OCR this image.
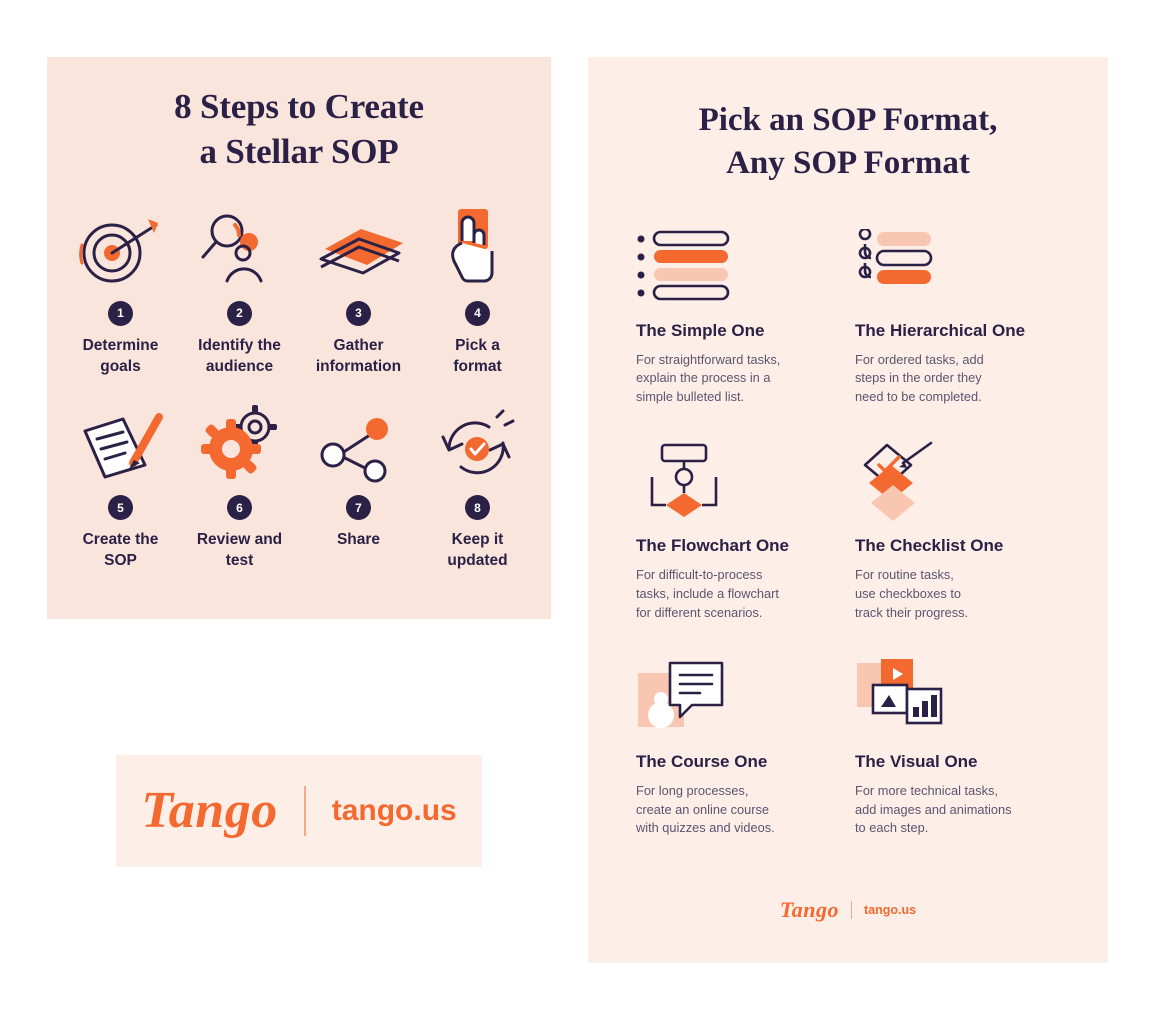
8 Steps to Create
a Stellar SOP
1
Determine
goals
2
Identify the
audience
3
Gather
information
4
Pick a
format
5
Create the
SOP
6
Review and
test
7
Share
8
Keep it
updated
Pick an SOP Format,
Any SOP Format
The Simple One
For straightforward tasks,
explain the process in a
simple bulleted list.
The Hierarchical One
For ordered tasks, add
steps in the order they
need to be completed.
The Flowchart One
For difficult-to-process
tasks, include a flowchart
for different scenarios.
The Checklist One
For routine tasks,
use checkboxes to
track their progress.
The Course One
For long processes,
create an online course
with quizzes and videos.
The Visual One
For more technical tasks,
add images and animations
to each step.
Tango tango.us
Tango tango.us
